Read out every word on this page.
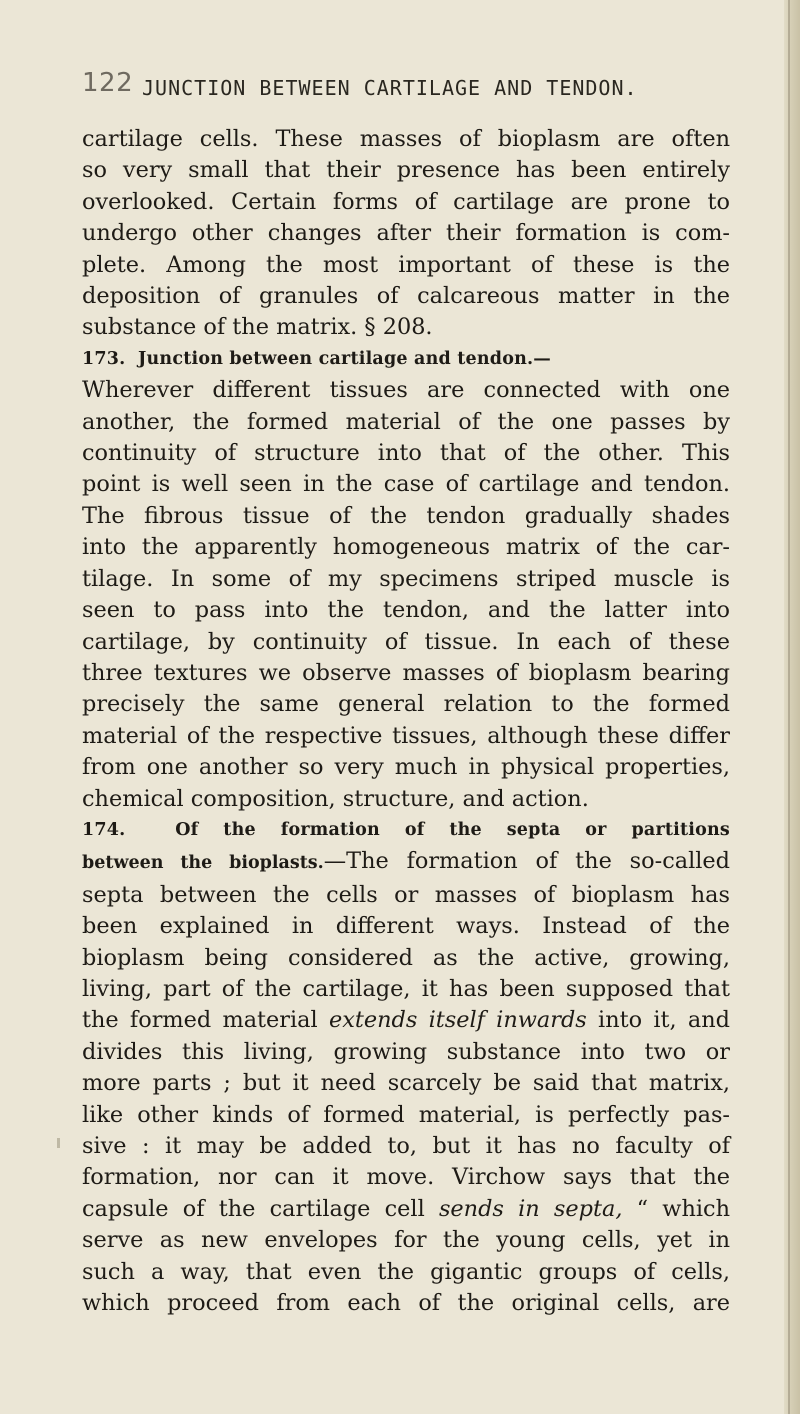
122 JUNCTION BETWEEN CARTILAGE AND TENDON.
cartilage cells. These masses of bioplasm are often
so very small that their presence has been entirely
overlooked. Certain forms of cartilage are prone to
undergo other changes after their formation is com-
plete. Among the most important of these is the
deposition of granules of calcareous matter in the
substance of the matrix. § 208.
173. Junction between cartilage and tendon.—
Wherever different tissues are connected with one
another, the formed material of the one passes by
continuity of structure into that of the other. This
point is well seen in the case of cartilage and tendon.
The fibrous tissue of the tendon gradually shades
into the apparently homogeneous matrix of the car-
tilage. In some of my specimens striped muscle is
seen to pass into the tendon, and the latter into
cartilage, by continuity of tissue. In each of these
three textures we observe masses of bioplasm bearing
precisely the same general relation to the formed
material of the respective tissues, although these differ
from one another so very much in physical properties,
chemical composition, structure, and action.
174.	Of the formation of the septa or partitions
between the bioplasts.—The formation of the so-called
septa between the cells or masses of bioplasm has
been explained in different ways. Instead of the
bioplasm being considered as the active, growing,
living, part of the cartilage, it has been supposed that
the formed material extends itself inwards into it, and
divides this living, growing substance into two or
more parts ; but it need scarcely be said that matrix,
like other kinds of formed material, is perfectly pas-
sive : it may be added to, but it has no faculty of
formation, nor can it move. Virchow says that the
capsule of the cartilage cell sends in septa, “ which
serve as new envelopes for the young cells, yet in
such a way, that even the gigantic groups of cells,
which proceed from each of the original cells, are
